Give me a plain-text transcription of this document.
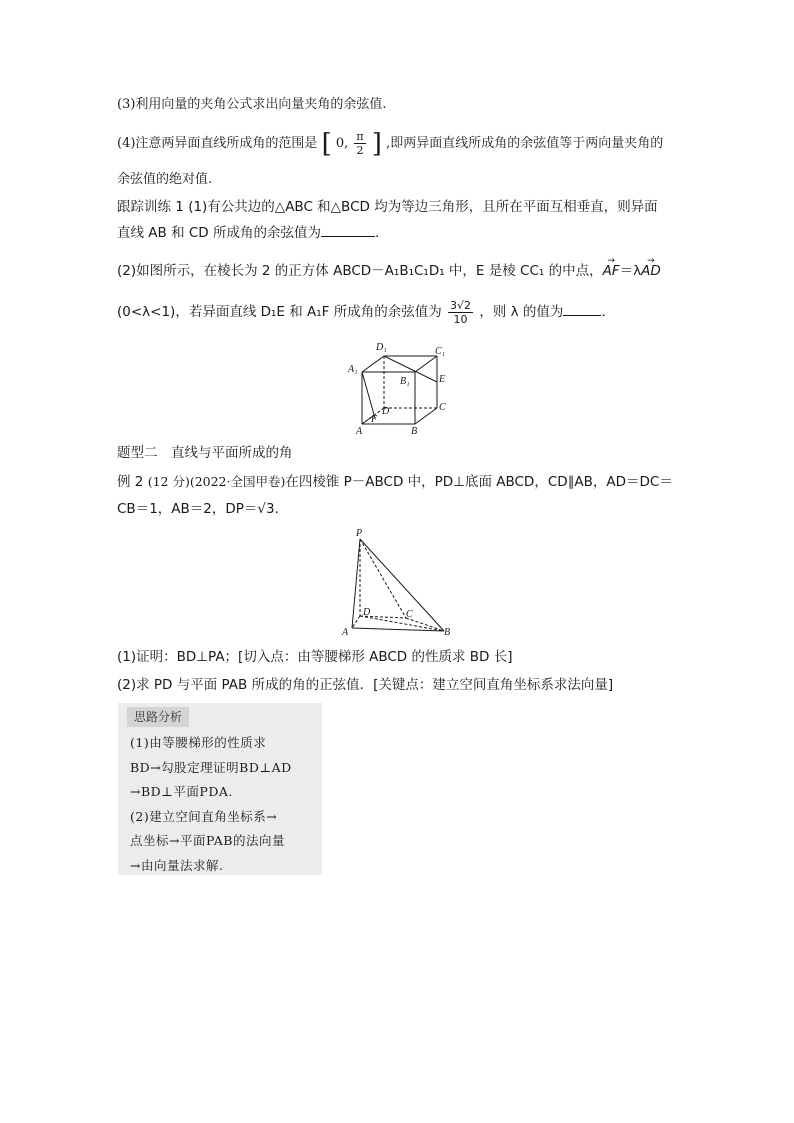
(3)利用向量的夹角公式求出向量夹角的余弦值.
(4)注意两异面直线所成角的范围是 [ 0, $\frac{\pi}{2}$ ] ,即两异面直线所成角的余弦值等于两向量夹角的
余弦值的绝对值.
跟踪训练 1 (1)有公共边的△ABC 和△BCD 均为等边三角形，且所在平面互相垂直，则异面
直线 AB 和 CD 所成角的余弦值为	.
(2)如图所示，在棱长为 2 的正方体 ABCD－A₁B₁C₁D₁ 中，E 是棱 CC₁ 的中点，→ AF＝λ→ AD
(0<λ<1)，若异面直线 D₁E 和 A₁F 所成角的余弦值为 $\frac{3√2}{10}$ ，则 λ 的值为	.
D₁	C₁
A₁
B₁	E
D	C
F
A	B
题型二　直线与平面所成的角
例 2 (12 分)(2022·全国甲卷)在四棱锥 P－ABCD 中，PD⊥底面 ABCD，CD∥AB，AD＝DC＝
CB＝1，AB＝2，DP＝√3.
P
D	C
A	B
(1)证明：BD⊥PA；[切入点：由等腰梯形 ABCD 的性质求 BD 长]
(2)求 PD 与平面 PAB 所成的角的正弦值．[关键点：建立空间直角坐标系求法向量]
思路分析
(1)由等腰梯形的性质求
BD→勾股定理证明BD⊥AD
→BD⊥平面PDA.
(2)建立空间直角坐标系→
点坐标→平面PAB的法向量
→由向量法求解.
